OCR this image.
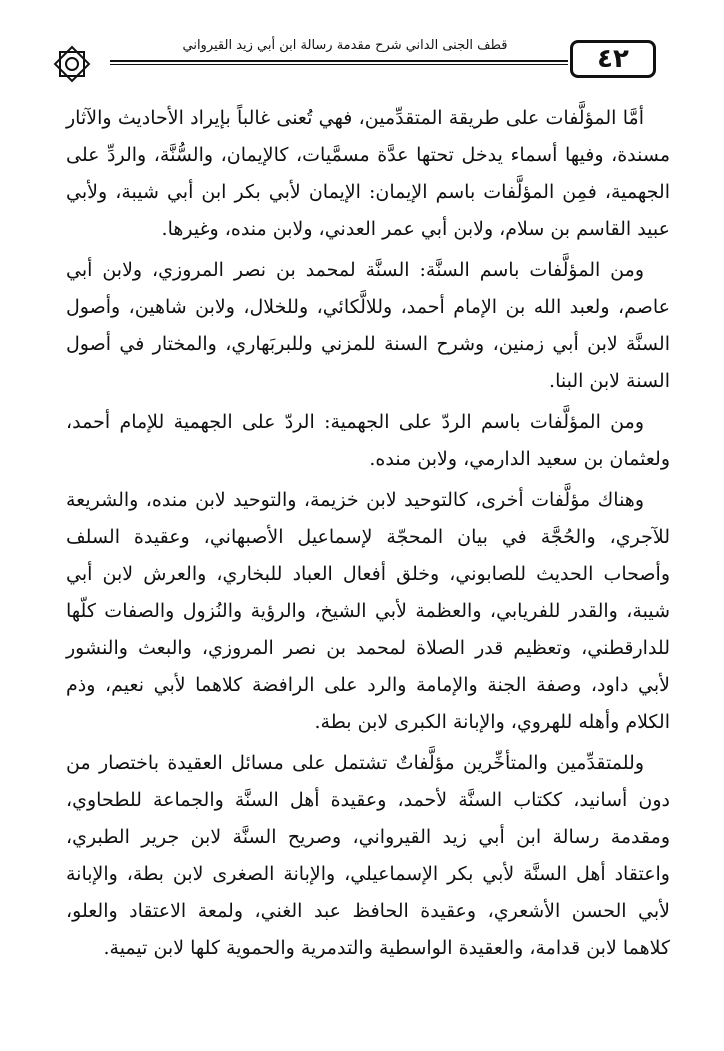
قطف الجنى الداني شرح مقدمة رسالة ابن أبي زيد القيرواني	٤٢

أمَّا المؤلَّفات على طريقة المتقدِّمين، فهي تُعنى غالباً بإيراد الأحاديث والآثار مسندة، وفيها أسماء يدخل تحتها عدَّة مسمَّيات، كالإيمان، والسُّنَّة، والردِّ على الجهمية، فمِن المؤلَّفات باسم الإيمان: الإيمان لأبي بكر ابن أبي شيبة، ولأبي عبيد القاسم بن سلام، ولابن أبي عمر العدني، ولابن منده، وغيرها.

ومن المؤلَّفات باسم السنَّة: السنَّة لمحمد بن نصر المروزي، ولابن أبي عاصم، ولعبد الله بن الإمام أحمد، وللالَّكائي، وللخلال، ولابن شاهين، وأصول السنَّة لابن أبي زمنين، وشرح السنة للمزني وللبربَهاري، والمختار في أصول السنة لابن البنا.

ومن المؤلَّفات باسم الردّ على الجهمية: الردّ على الجهمية للإمام أحمد، ولعثمان بن سعيد الدارمي، ولابن منده.

وهناك مؤلَّفات أخرى، كالتوحيد لابن خزيمة، والتوحيد لابن منده، والشريعة للآجري، والحُجَّة في بيان المحجّة لإسماعيل الأصبهاني، وعقيدة السلف وأصحاب الحديث للصابوني، وخلق أفعال العباد للبخاري، والعرش لابن أبي شيبة، والقدر للفريابي، والعظمة لأبي الشيخ، والرؤية والنُزول والصفات كلّها للدارقطني، وتعظيم قدر الصلاة لمحمد بن نصر المروزي، والبعث والنشور لأبي داود، وصفة الجنة والإمامة والرد على الرافضة كلاهما لأبي نعيم، وذم الكلام وأهله للهروي، والإبانة الكبرى لابن بطة.

وللمتقدِّمين والمتأخِّرين مؤلَّفاتٌ تشتمل على مسائل العقيدة باختصار من دون أسانيد، ككتاب السنَّة لأحمد، وعقيدة أهل السنَّة والجماعة للطحاوي، ومقدمة رسالة ابن أبي زيد القيرواني، وصريح السنَّة لابن جرير الطبري، واعتقاد أهل السنَّة لأبي بكر الإسماعيلي، والإبانة الصغرى لابن بطة، والإبانة لأبي الحسن الأشعري، وعقيدة الحافظ عبد الغني، ولمعة الاعتقاد والعلو، كلاهما لابن قدامة، والعقيدة الواسطية والتدمرية والحموية كلها لابن تيمية.
